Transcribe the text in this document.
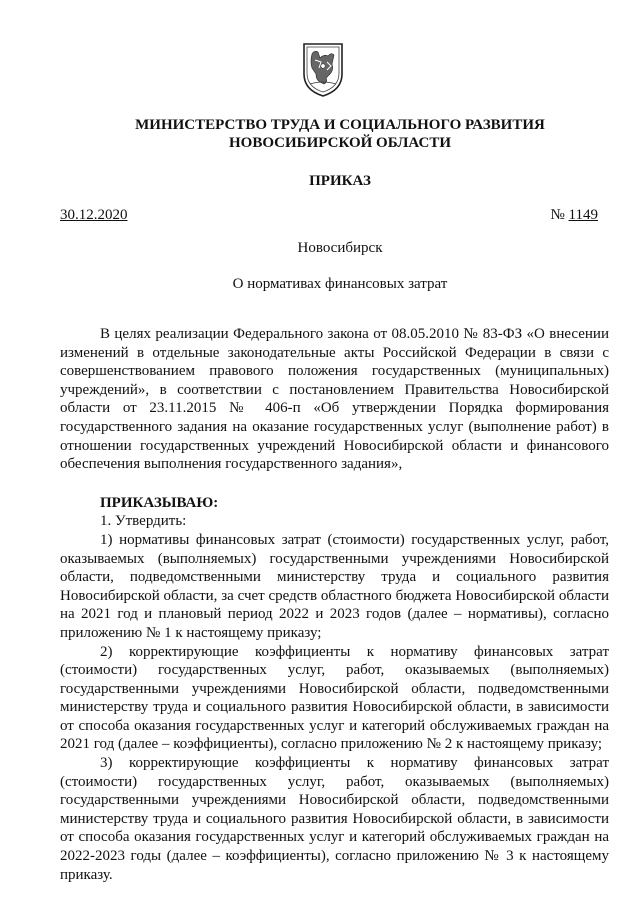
МИНИСТЕРСТВО ТРУДА И СОЦИАЛЬНОГО РАЗВИТИЯ
НОВОСИБИРСКОЙ ОБЛАСТИ
ПРИКАЗ
30.12.2020	№ 1149
Новосибирск
О нормативах финансовых затрат

В целях реализации Федерального закона от 08.05.2010 № 83-ФЗ «О внесении изменений в отдельные законодательные акты Российской Федерации в связи с совершенствованием правового положения государственных (муниципальных) учреждений», в соответствии с постановлением Правительства Новосибирской области от 23.11.2015 № 406-п «Об утверждении Порядка формирования государственного задания на оказание государственных услуг (выполнение работ) в отношении государственных учреждений Новосибирской области и финансового обеспечения выполнения государственного задания»,

ПРИКАЗЫВАЮ:

1. Утвердить:

1) нормативы финансовых затрат (стоимости) государственных услуг, работ, оказываемых (выполняемых) государственными учреждениями Новосибирской области, подведомственными министерству труда и социального развития Новосибирской области, за счет средств областного бюджета Новосибирской области на 2021 год и плановый период 2022 и 2023 годов (далее – нормативы), согласно приложению № 1 к настоящему приказу;

2) корректирующие коэффициенты к нормативу финансовых затрат (стоимости) государственных услуг, работ, оказываемых (выполняемых) государственными учреждениями Новосибирской области, подведомственными министерству труда и социального развития Новосибирской области, в зависимости от способа оказания государственных услуг и категорий обслуживаемых граждан на 2021 год (далее – коэффициенты), согласно приложению № 2 к настоящему приказу;

3) корректирующие коэффициенты к нормативу финансовых затрат (стоимости) государственных услуг, работ, оказываемых (выполняемых) государственными учреждениями Новосибирской области, подведомственными министерству труда и социального развития Новосибирской области, в зависимости от способа оказания государственных услуг и категорий обслуживаемых граждан на 2022-2023 годы (далее – коэффициенты), согласно приложению № 3 к настоящему приказу.
